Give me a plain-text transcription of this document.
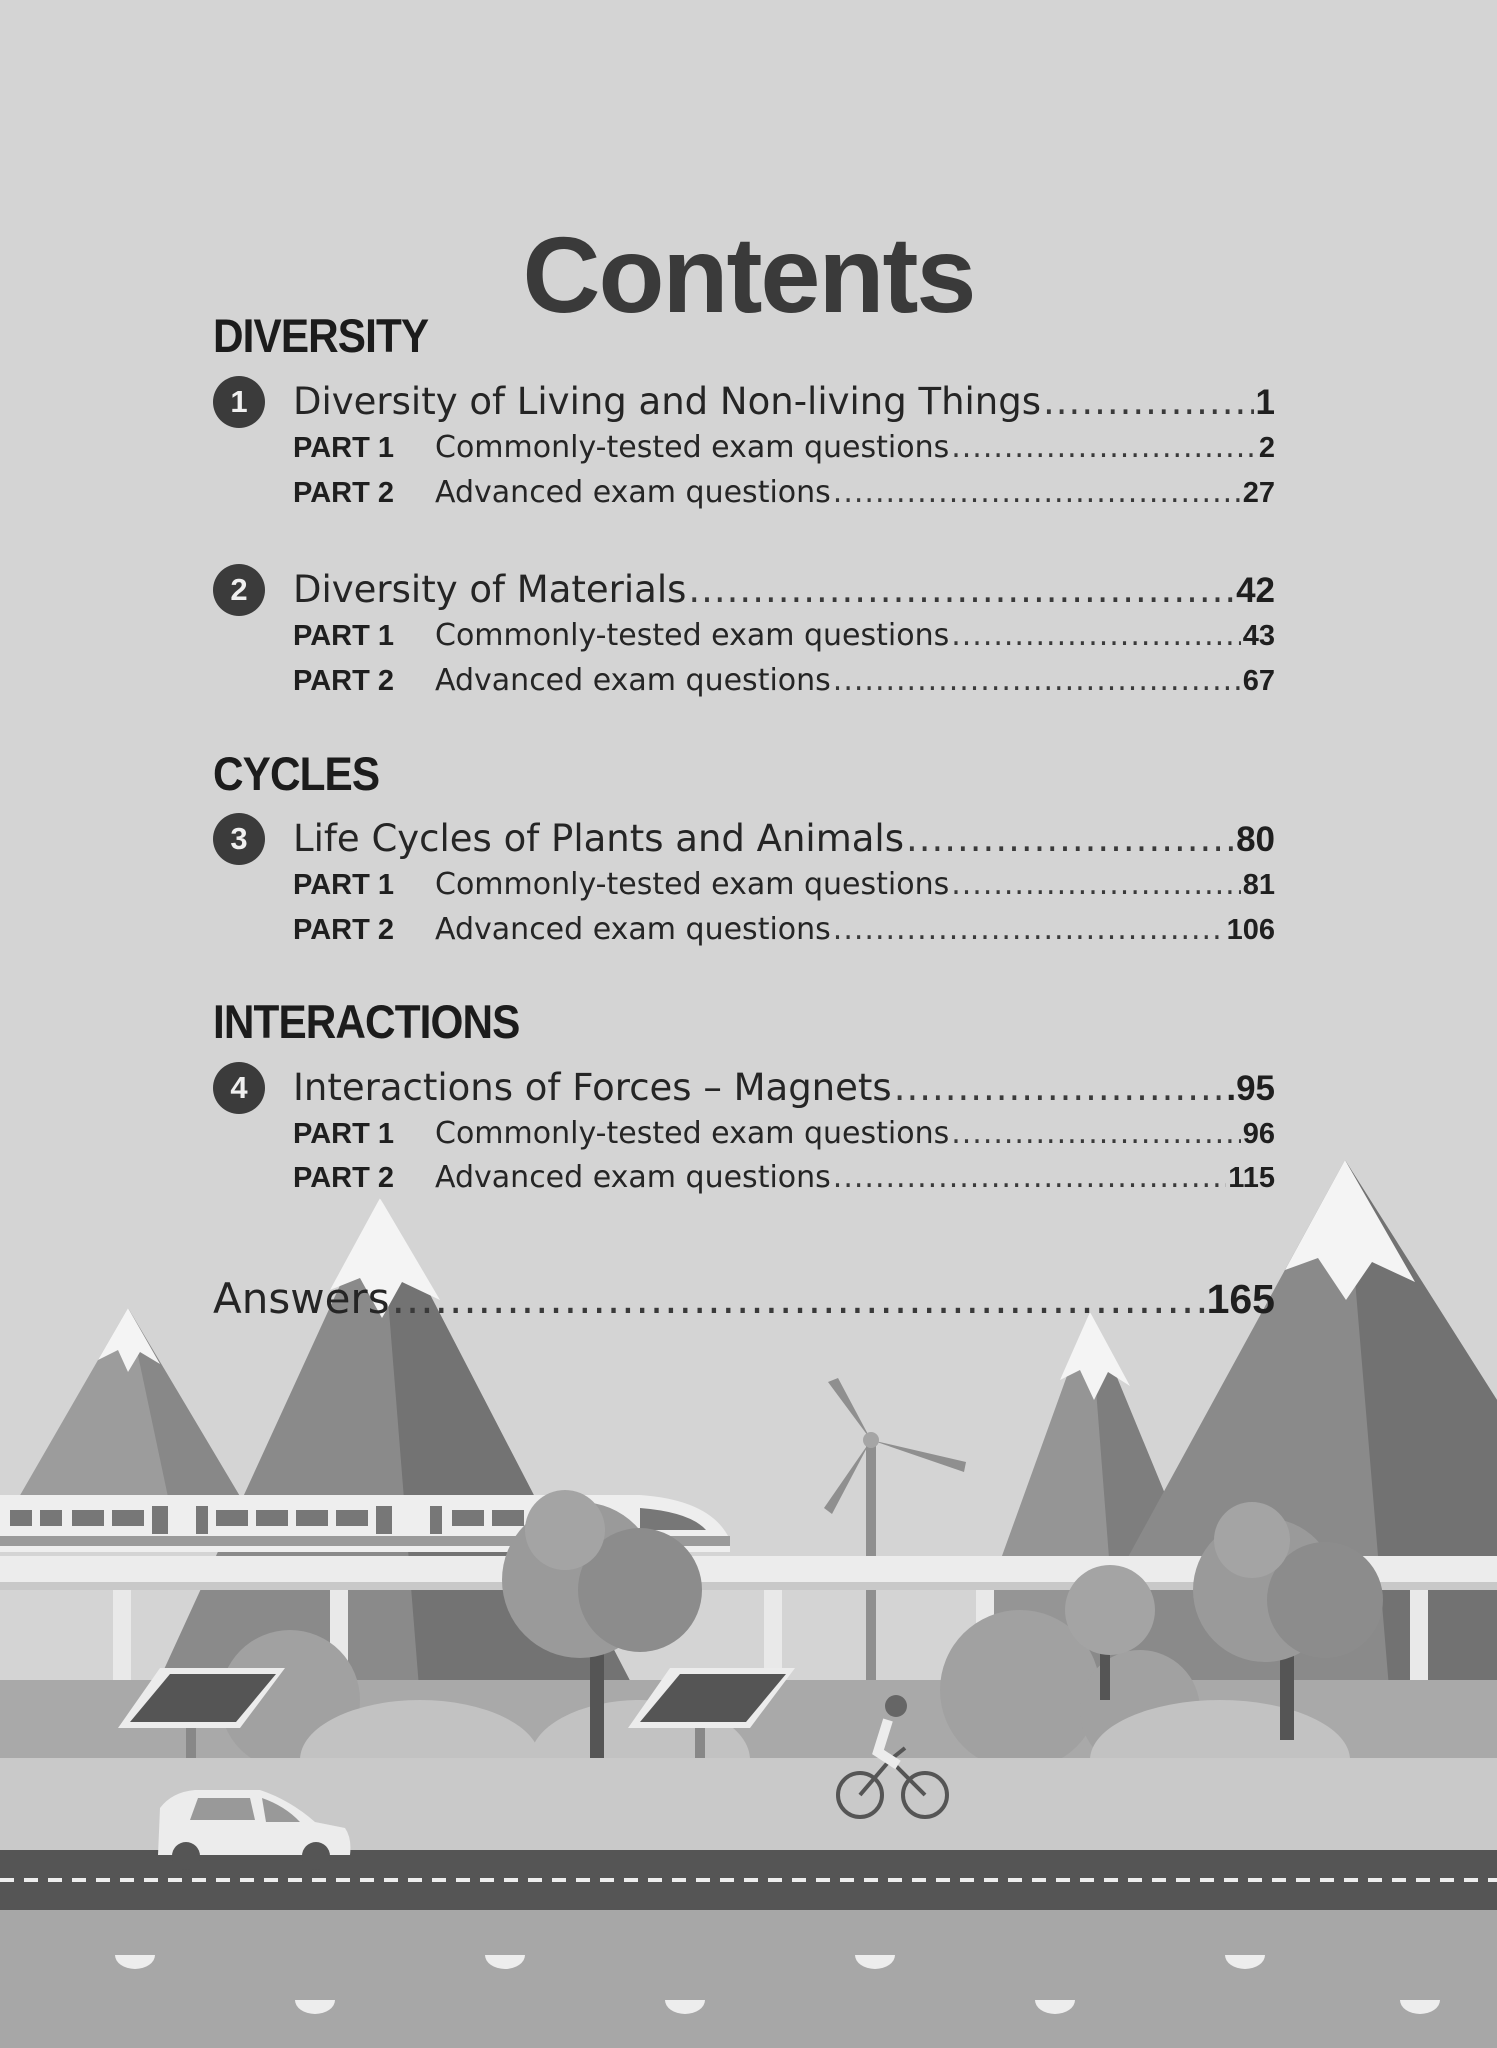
Contents
DIVERSITY
1	Diversity of Living and Non-living Things .....	1
PART 1	Commonly-tested exam questions .....	2
PART 2	Advanced exam questions .....	27
2	Diversity of Materials .....	42
PART 1	Commonly-tested exam questions .....	43
PART 2	Advanced exam questions .....	67
CYCLES
3	Life Cycles of Plants and Animals .....	80
PART 1	Commonly-tested exam questions .....	81
PART 2	Advanced exam questions .....	106
INTERACTIONS
4	Interactions of Forces – Magnets .....	.95
PART 1	Commonly-tested exam questions .....	96
PART 2	Advanced exam questions .....	115
Answers .....	165
